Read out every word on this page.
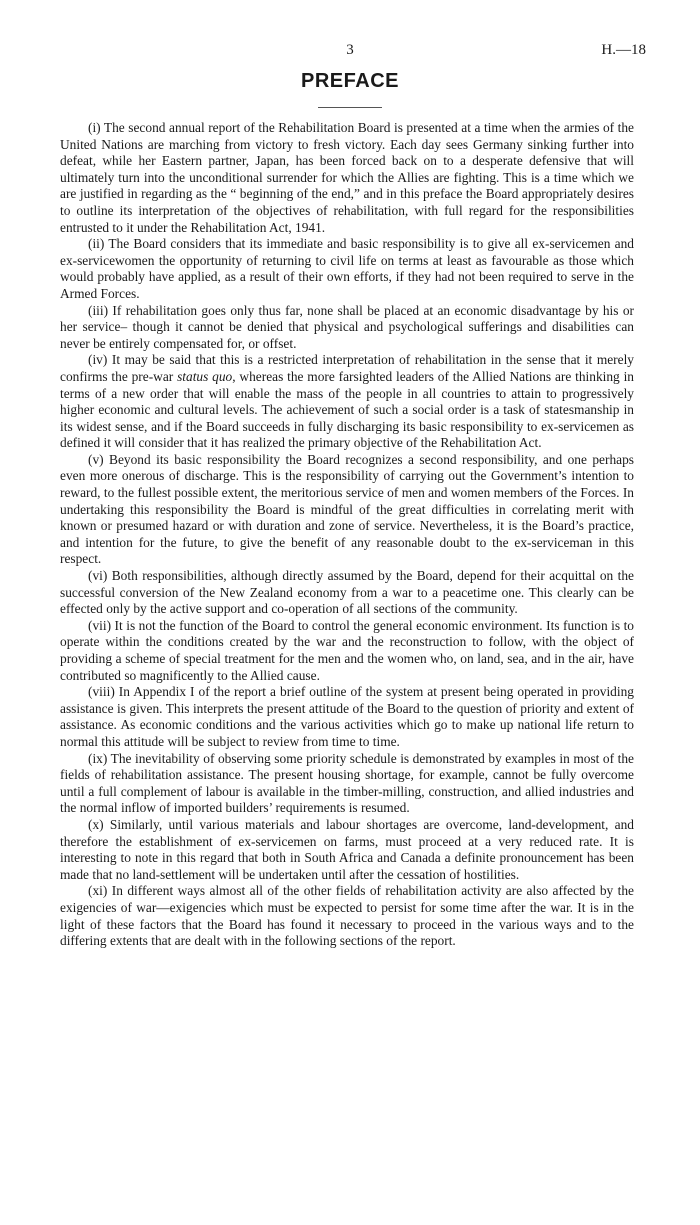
3	H.—18
PREFACE

(i) The second annual report of the Rehabilitation Board is presented at a time when the armies of the United Nations are marching from victory to fresh victory. Each day sees Germany sinking further into defeat, while her Eastern partner, Japan, has been forced back on to a desperate defensive that will ultimately turn into the unconditional surrender for which the Allies are fighting. This is a time which we are justified in regarding as the “ beginning of the end,” and in this preface the Board appropriately desires to outline its interpretation of the objectives of rehabilitation, with full regard for the responsibilities entrusted to it under the Rehabilitation Act, 1941.

(ii) The Board considers that its immediate and basic responsibility is to give all ex-servicemen and ex-servicewomen the opportunity of returning to civil life on terms at least as favourable as those which would probably have applied, as a result of their own efforts, if they had not been required to serve in the Armed Forces.

(iii) If rehabilitation goes only thus far, none shall be placed at an economic disadvantage by his or her service– though it cannot be denied that physical and psychological sufferings and disabilities can never be entirely compensated for, or offset.

(iv) It may be said that this is a restricted interpretation of rehabilitation in the sense that it merely confirms the pre-war status quo, whereas the more farsighted leaders of the Allied Nations are thinking in terms of a new order that will enable the mass of the people in all countries to attain to progressively higher economic and cultural levels. The achievement of such a social order is a task of statesmanship in its widest sense, and if the Board succeeds in fully discharging its basic responsibility to ex-servicemen as defined it will consider that it has realized the primary objective of the Rehabilitation Act.

(v) Beyond its basic responsibility the Board recognizes a second responsibility, and one perhaps even more onerous of discharge. This is the responsibility of carrying out the Government’s intention to reward, to the fullest possible extent, the meritorious service of men and women members of the Forces. In undertaking this responsibility the Board is mindful of the great difficulties in correlating merit with known or presumed hazard or with duration and zone of service. Nevertheless, it is the Board’s practice, and intention for the future, to give the benefit of any reasonable doubt to the ex-serviceman in this respect.

(vi) Both responsibilities, although directly assumed by the Board, depend for their acquittal on the successful conversion of the New Zealand economy from a war to a peacetime one. This clearly can be effected only by the active support and co-operation of all sections of the community.

(vii) It is not the function of the Board to control the general economic environment. Its function is to operate within the conditions created by the war and the reconstruction to follow, with the object of providing a scheme of special treatment for the men and the women who, on land, sea, and in the air, have contributed so magnificently to the Allied cause.

(viii) In Appendix I of the report a brief outline of the system at present being operated in providing assistance is given. This interprets the present attitude of the Board to the question of priority and extent of assistance. As economic conditions and the various activities which go to make up national life return to normal this attitude will be subject to review from time to time.

(ix) The inevitability of observing some priority schedule is demonstrated by examples in most of the fields of rehabilitation assistance. The present housing shortage, for example, cannot be fully overcome until a full complement of labour is available in the timber-milling, construction, and allied industries and the normal inflow of imported builders’ requirements is resumed.

(x) Similarly, until various materials and labour shortages are overcome, land-development, and therefore the establishment of ex-servicemen on farms, must proceed at a very reduced rate. It is interesting to note in this regard that both in South Africa and Canada a definite pronouncement has been made that no land-settlement will be undertaken until after the cessation of hostilities.

(xi) In different ways almost all of the other fields of rehabilitation activity are also affected by the exigencies of war—exigencies which must be expected to persist for some time after the war. It is in the light of these factors that the Board has found it necessary to proceed in the various ways and to the differing extents that are dealt with in the following sections of the report.
